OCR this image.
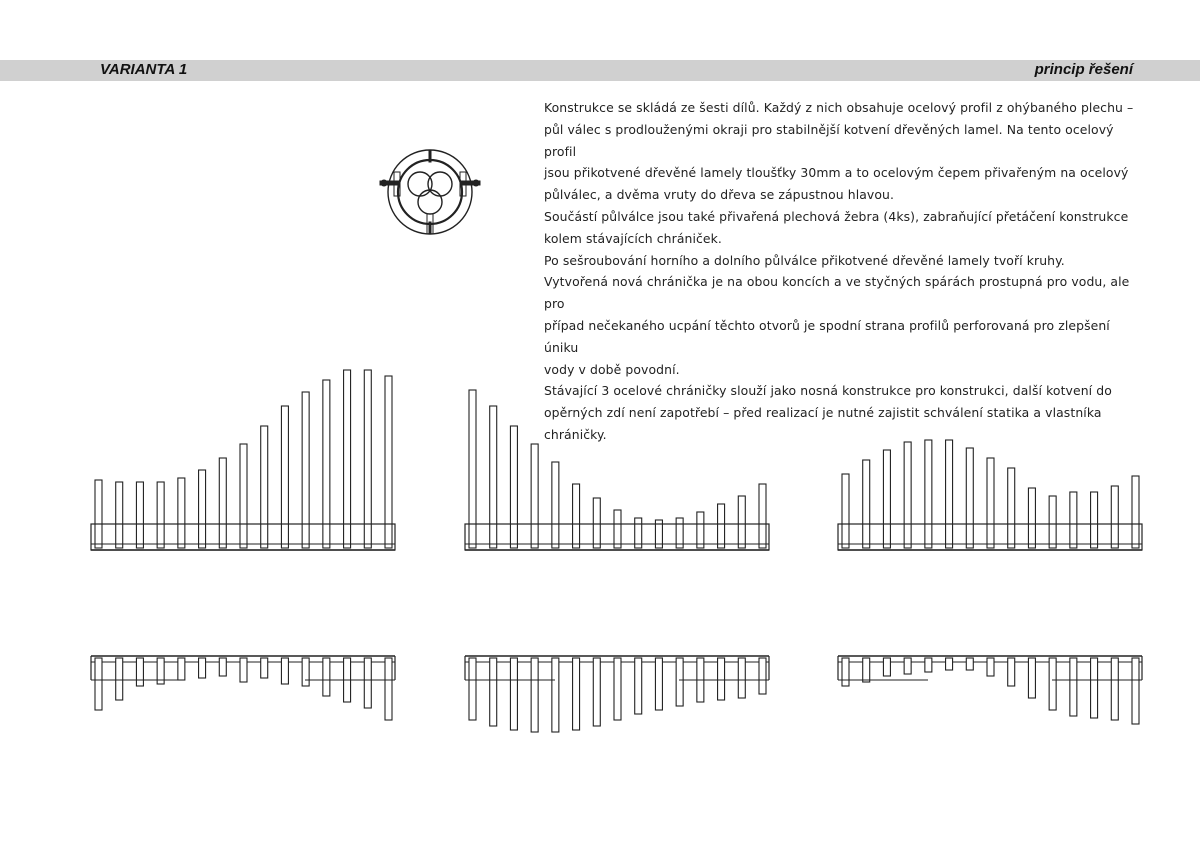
VARIANTA 1	princip řešení

Konstrukce se skládá ze šesti dílů. Každý z nich obsahuje ocelový profil z ohýbaného plechu –

půl válec s prodlouženými okraji pro stabilnější kotvení dřevěných lamel. Na tento ocelový profil

jsou přikotvené dřevěné lamely tloušťky 30mm a to ocelovým čepem přivařeným na ocelový

půlválec, a dvěma vruty do dřeva se zápustnou hlavou.

Součástí půlválce jsou také přivařená plechová žebra (4ks), zabraňující přetáčení konstrukce

kolem stávajících chrániček.

Po sešroubování horního a dolního půlválce přikotvené dřevěné lamely tvoří kruhy.

Vytvořená nová chránička je na obou koncích a ve styčných spárách prostupná pro vodu, ale pro

případ nečekaného ucpání těchto otvorů je spodní strana profilů perforovaná pro zlepšení úniku

vody v době povodní.

Stávající 3 ocelové chráničky slouží jako nosná konstrukce pro konstrukci, další kotvení do

opěrných zdí není zapotřebí – před realizací je nutné zajistit schválení statika a vlastníka

chráničky.
